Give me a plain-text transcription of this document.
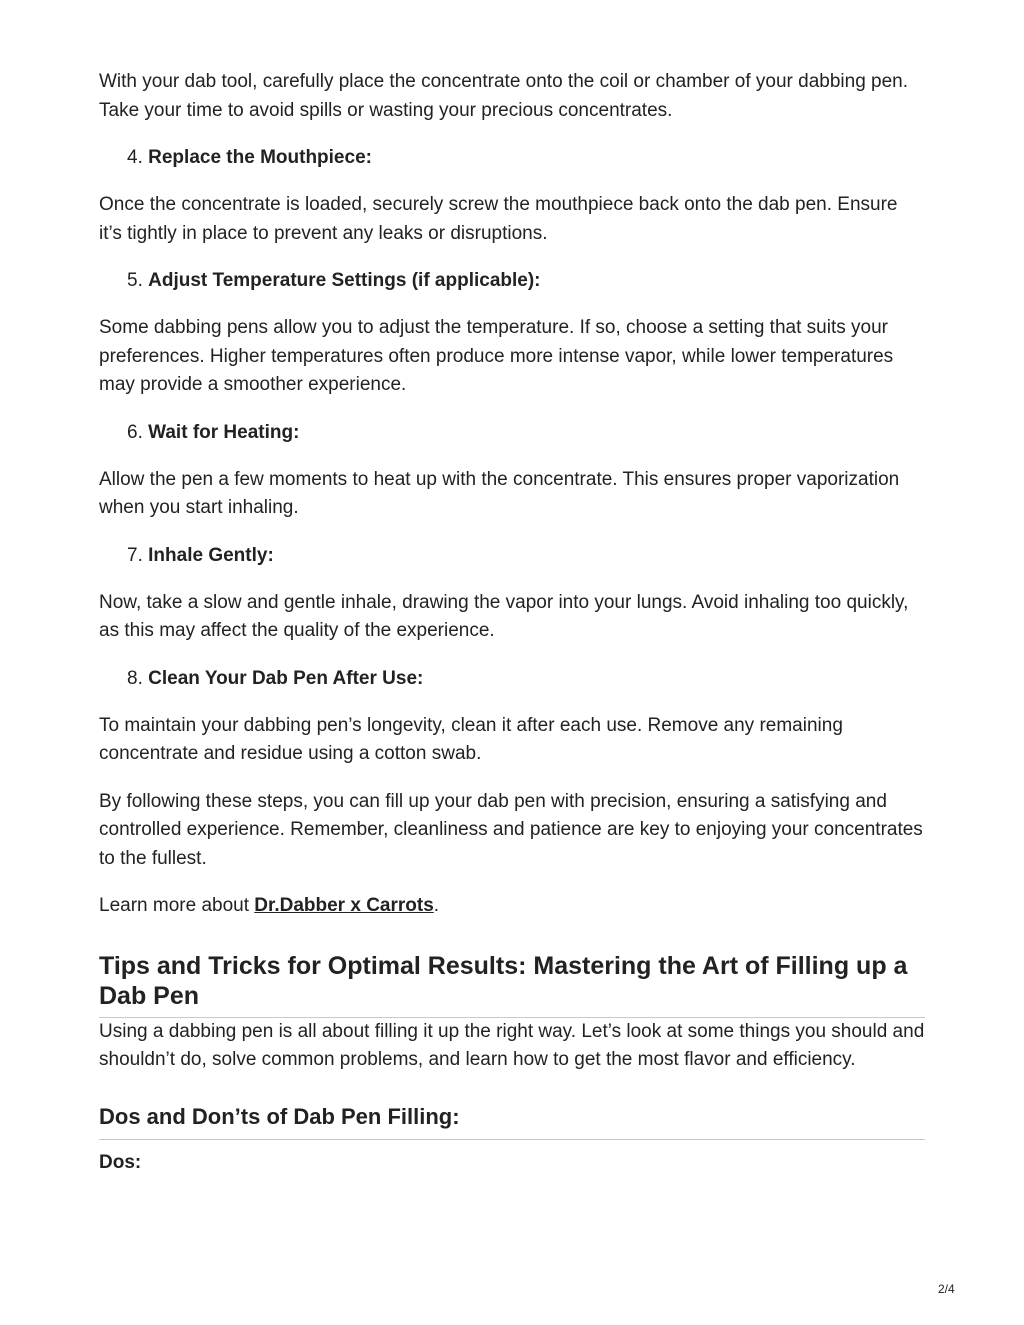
With your dab tool, carefully place the concentrate onto the coil or chamber of your dabbing pen. Take your time to avoid spills or wasting your precious concentrates.

4. Replace the Mouthpiece:

Once the concentrate is loaded, securely screw the mouthpiece back onto the dab pen. Ensure it’s tightly in place to prevent any leaks or disruptions.

5. Adjust Temperature Settings (if applicable):

Some dabbing pens allow you to adjust the temperature. If so, choose a setting that suits your preferences. Higher temperatures often produce more intense vapor, while lower temperatures may provide a smoother experience.

6. Wait for Heating:

Allow the pen a few moments to heat up with the concentrate. This ensures proper vaporization when you start inhaling.

7. Inhale Gently:

Now, take a slow and gentle inhale, drawing the vapor into your lungs. Avoid inhaling too quickly, as this may affect the quality of the experience.

8. Clean Your Dab Pen After Use:

To maintain your dabbing pen’s longevity, clean it after each use. Remove any remaining concentrate and residue using a cotton swab.

By following these steps, you can fill up your dab pen with precision, ensuring a satisfying and controlled experience. Remember, cleanliness and patience are key to enjoying your concentrates to the fullest.

Learn more about Dr.Dabber x Carrots.

Tips and Tricks for Optimal Results: Mastering the Art of Filling up a Dab Pen

Using a dabbing pen is all about filling it up the right way. Let’s look at some things you should and shouldn’t do, solve common problems, and learn how to get the most flavor and efficiency.

Dos and Don’ts of Dab Pen Filling:
Dos:
2/4
